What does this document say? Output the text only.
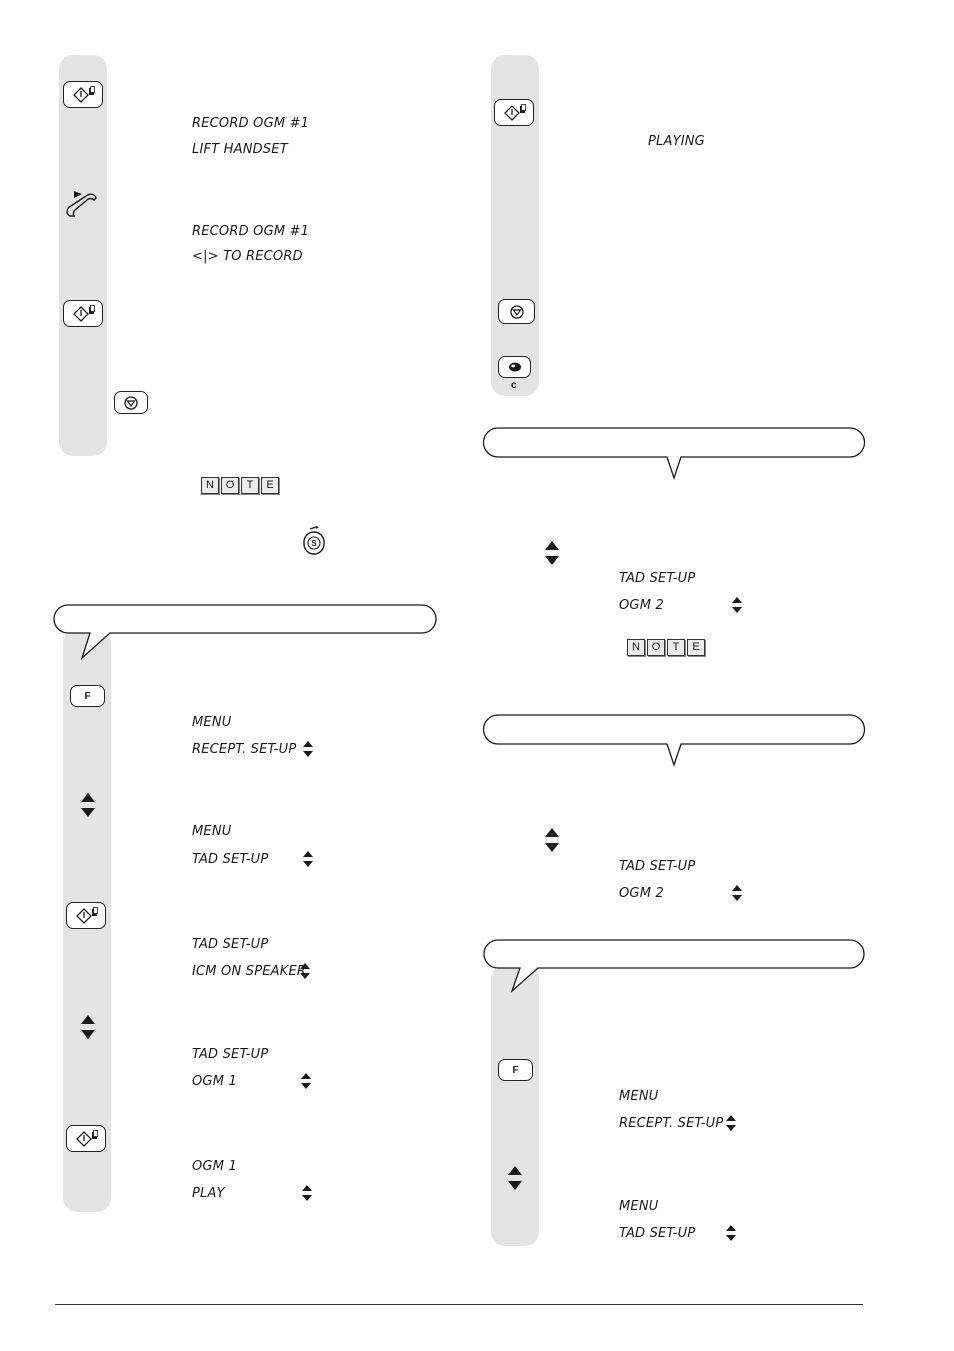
RECORD OGM #1
LIFT HANDSET
RECORD OGM #1
<|> TO RECORD
N	O	T	E
S
F
MENU
RECEPT. SET-UP
MENU
TAD SET-UP
TAD SET-UP
ICM ON SPEAKER
TAD SET-UP
OGM 1
OGM 1
PLAY
PLAYING
c
TAD SET-UP
OGM 2
N	O	T	E
TAD SET-UP
OGM 2
F
MENU
RECEPT. SET-UP
MENU
TAD SET-UP
